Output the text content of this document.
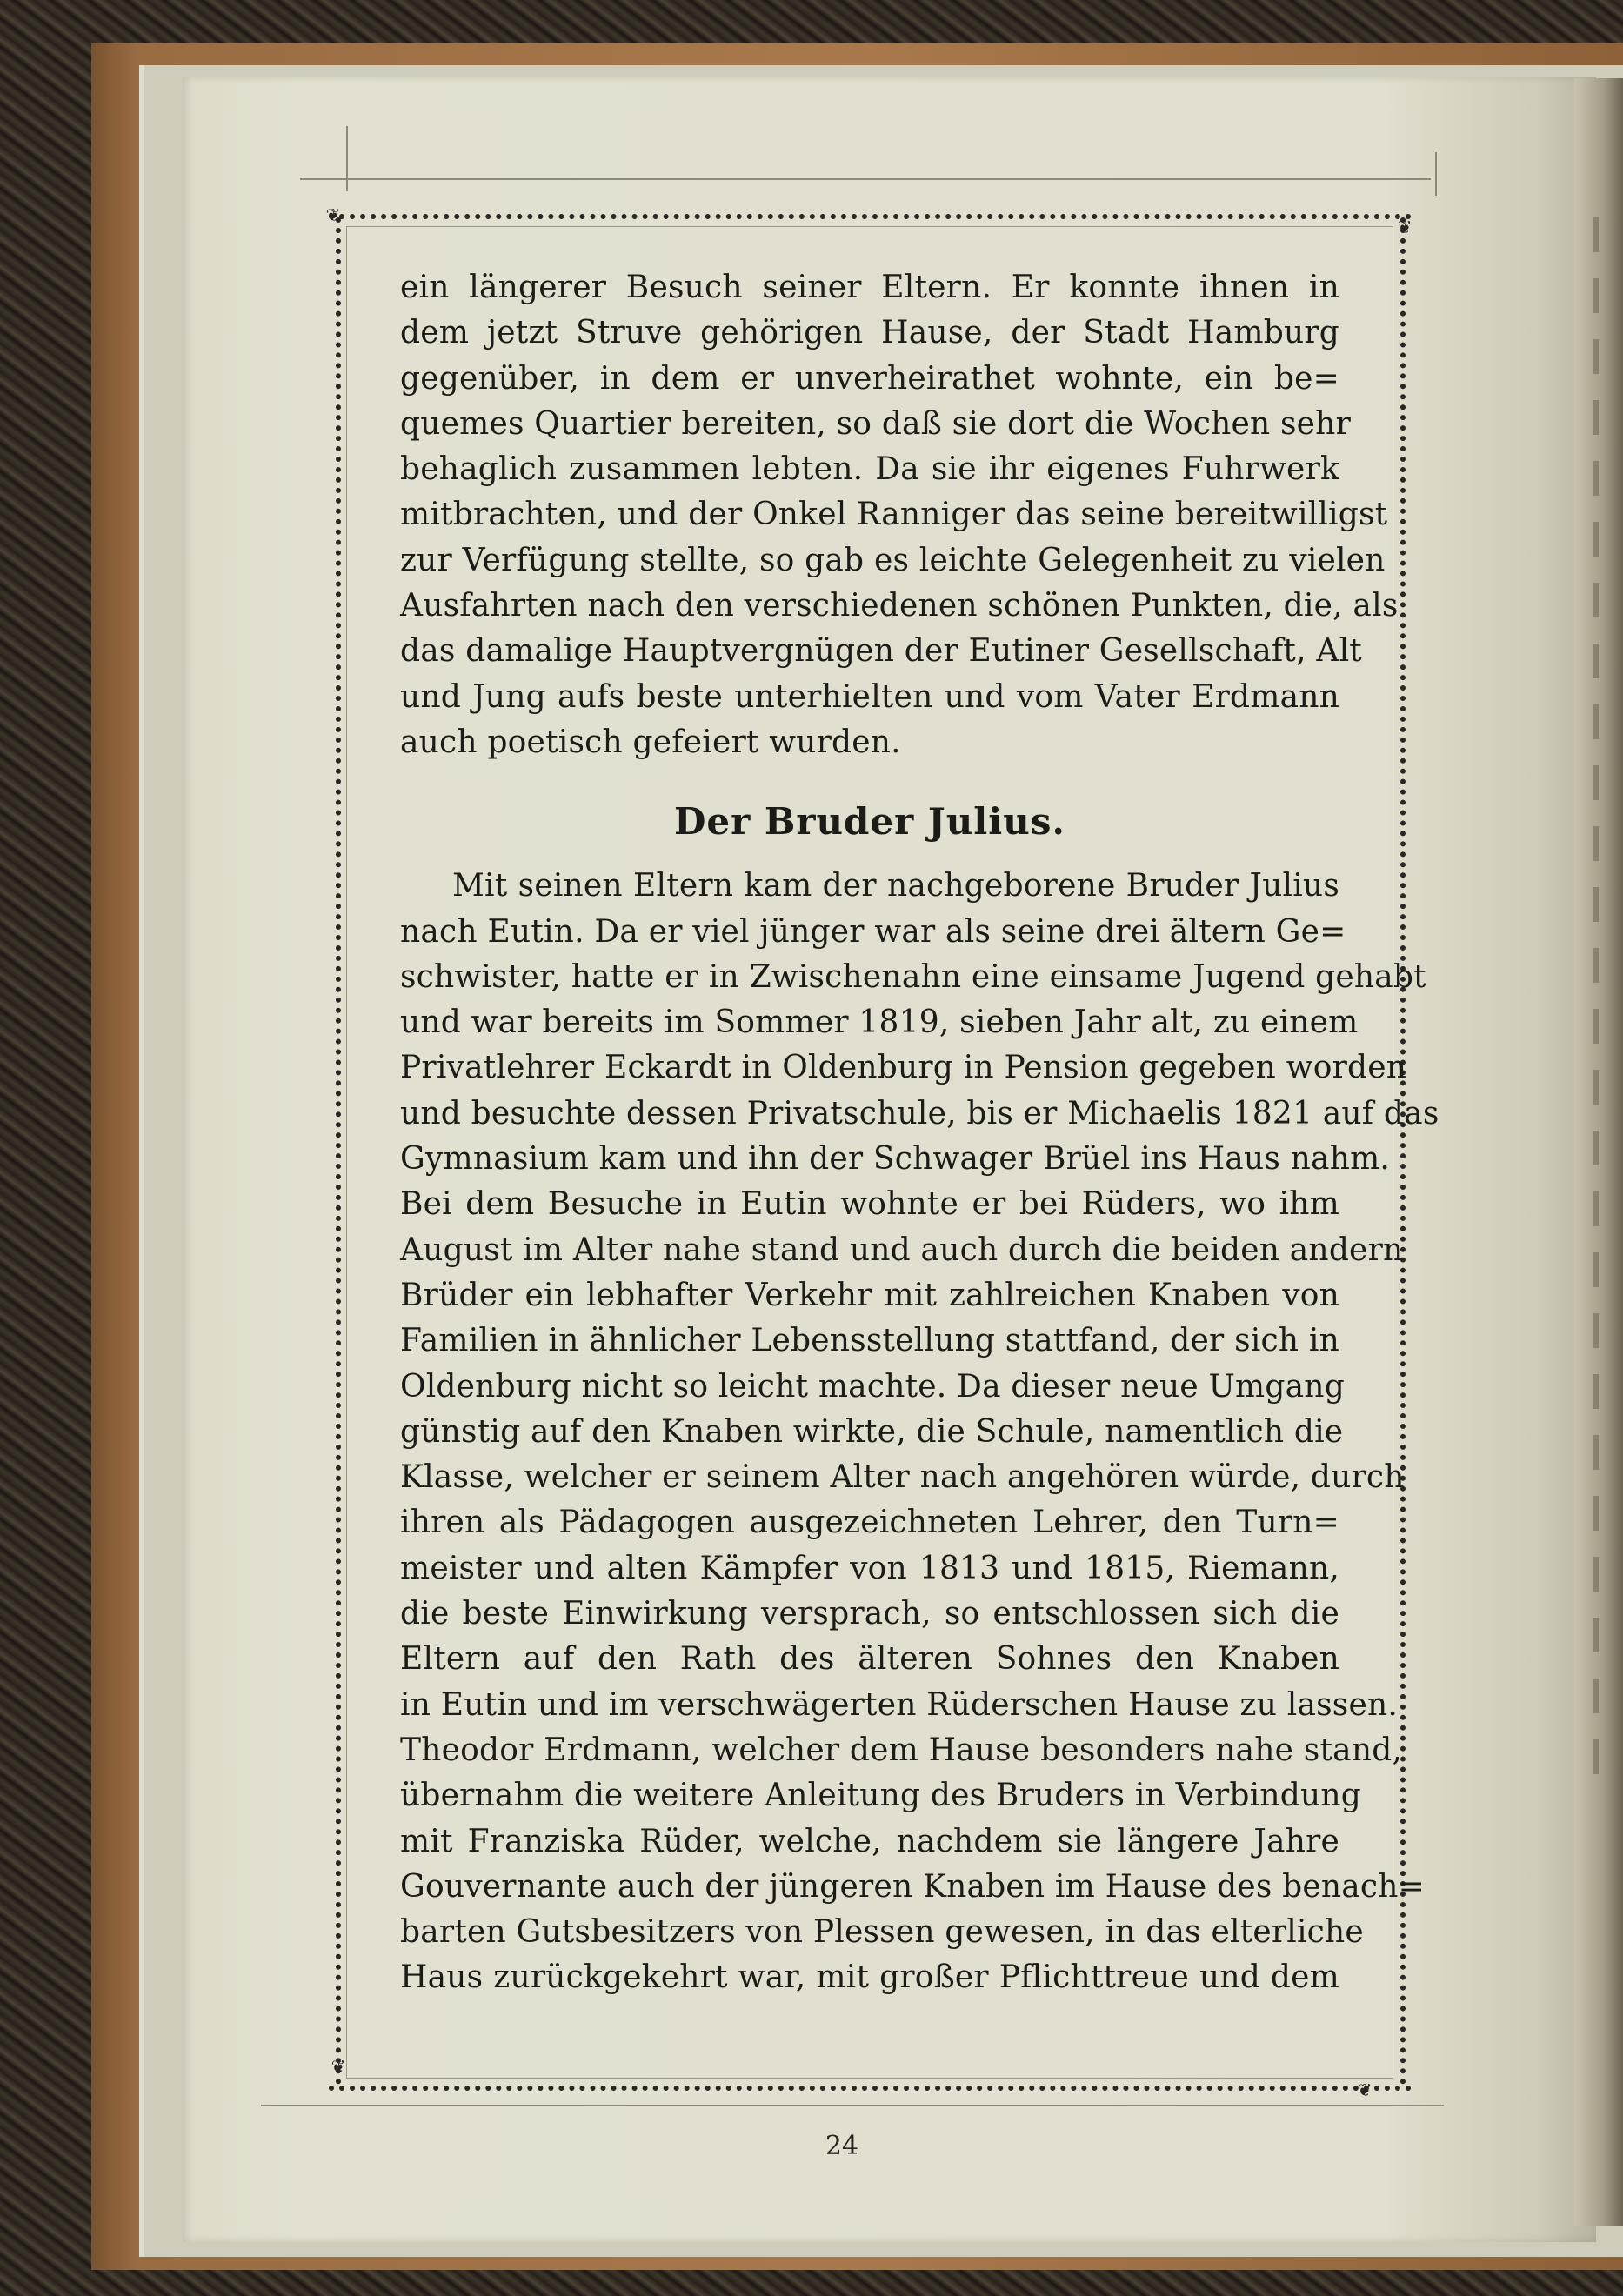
❦
❦
❦
❦
ein längerer Besuch seiner Eltern. Er konnte ihnen in
dem jetzt Struve gehörigen Hause, der Stadt Hamburg
gegenüber, in dem er unverheirathet wohnte, ein be=
quemes Quartier bereiten, so daß sie dort die Wochen sehr
behaglich zusammen lebten. Da sie ihr eigenes Fuhrwerk
mitbrachten, und der Onkel Ranniger das seine bereitwilligst
zur Verfügung stellte, so gab es leichte Gelegenheit zu vielen
Ausfahrten nach den verschiedenen schönen Punkten, die, als
das damalige Hauptvergnügen der Eutiner Gesellschaft, Alt
und Jung aufs beste unterhielten und vom Vater Erdmann
auch poetisch gefeiert wurden.
Der Bruder Julius.
Mit seinen Eltern kam der nachgeborene Bruder Julius
nach Eutin. Da er viel jünger war als seine drei ältern Ge=
schwister, hatte er in Zwischenahn eine einsame Jugend gehabt
und war bereits im Sommer 1819, sieben Jahr alt, zu einem
Privatlehrer Eckardt in Oldenburg in Pension gegeben worden
und besuchte dessen Privatschule, bis er Michaelis 1821 auf das
Gymnasium kam und ihn der Schwager Brüel ins Haus nahm.
Bei dem Besuche in Eutin wohnte er bei Rüders, wo ihm
August im Alter nahe stand und auch durch die beiden andern
Brüder ein lebhafter Verkehr mit zahlreichen Knaben von
Familien in ähnlicher Lebensstellung stattfand, der sich in
Oldenburg nicht so leicht machte. Da dieser neue Umgang
günstig auf den Knaben wirkte, die Schule, namentlich die
Klasse, welcher er seinem Alter nach angehören würde, durch
ihren als Pädagogen ausgezeichneten Lehrer, den Turn=
meister und alten Kämpfer von 1813 und 1815, Riemann,
die beste Einwirkung versprach, so entschlossen sich die
Eltern auf den Rath des älteren Sohnes den Knaben
in Eutin und im verschwägerten Rüderschen Hause zu lassen.
Theodor Erdmann, welcher dem Hause besonders nahe stand,
übernahm die weitere Anleitung des Bruders in Verbindung
mit Franziska Rüder, welche, nachdem sie längere Jahre
Gouvernante auch der jüngeren Knaben im Hause des benach=
barten Gutsbesitzers von Plessen gewesen, in das elterliche
Haus zurückgekehrt war, mit großer Pflichttreue und dem
24
